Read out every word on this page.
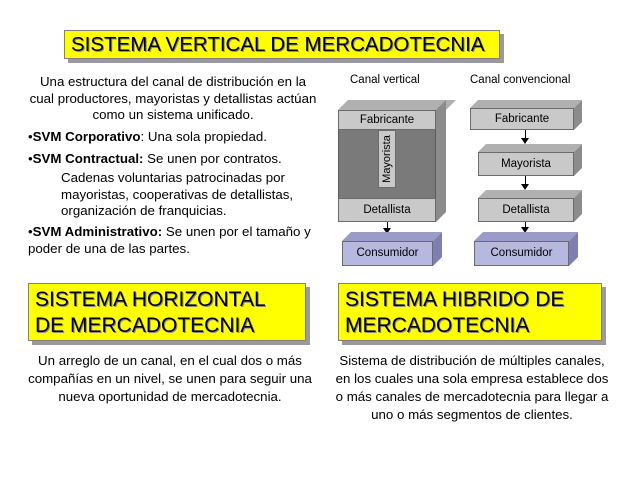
SISTEMA VERTICAL DE MERCADOTECNIA

Una estructura del canal de distribución en la cual productores, mayoristas y detallistas actúan como un sistema unificado.

•SVM Corporativo: Una sola propiedad.

•SVM Contractual: Se unen por contratos.

Cadenas voluntarias patrocinadas por mayoristas, cooperativas de detallistas, organización de franquicias.

•SVM Administrativo: Se unen por el tamaño y poder de una de las partes.

Canal vertical	Canal convencional
Fabricante
Detallista
Mayorista
Consumidor
Fabricante
Mayorista
Detallista
Consumidor
SISTEMA HORIZONTAL
DE MERCADOTECNIA
SISTEMA HIBRIDO DE
MERCADOTECNIA
Un arreglo de un canal, en el cual dos o más compañías en un nivel, se unen para seguir una nueva oportunidad de mercadotecnia.
Sistema de distribución de múltiples canales, en los cuales una sola empresa establece dos o más canales de mercadotecnia para llegar a uno o más segmentos de clientes.
